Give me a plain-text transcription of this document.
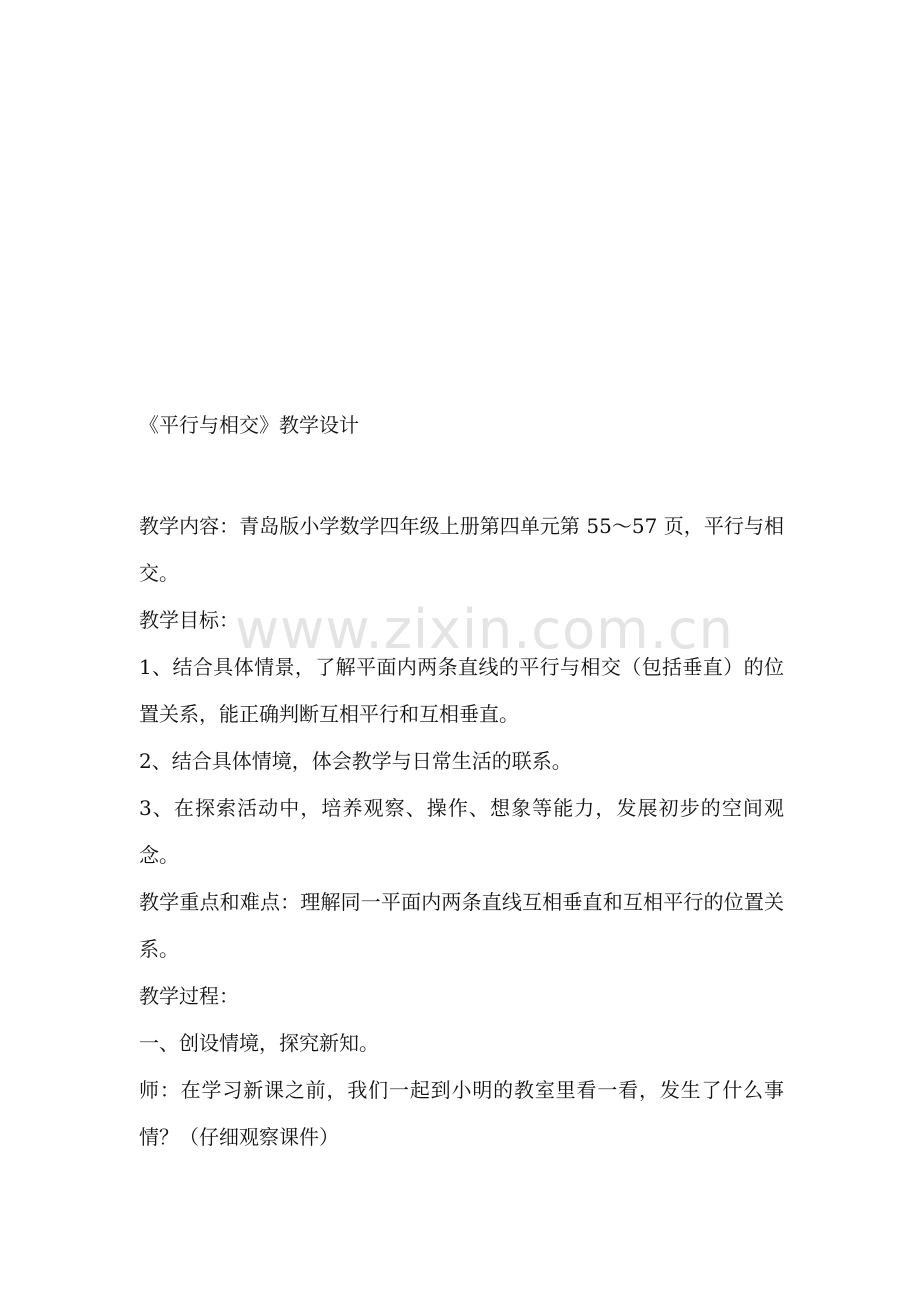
www.zixin.com.cn
《平行与相交》教学设计

教学内容：青岛版小学数学四年级上册第四单元第 55～57 页，平行与相交。

教学目标：

1、结合具体情景，了解平面内两条直线的平行与相交（包括垂直）的位置关系，能正确判断互相平行和互相垂直。

2、结合具体情境，体会教学与日常生活的联系。

3、在探索活动中，培养观察、操作、想象等能力，发展初步的空间观念。

教学重点和难点：理解同一平面内两条直线互相垂直和互相平行的位置关系。

教学过程：

一、创设情境，探究新知。

师：在学习新课之前，我们一起到小明的教室里看一看，发生了什么事情？（仔细观察课件）
